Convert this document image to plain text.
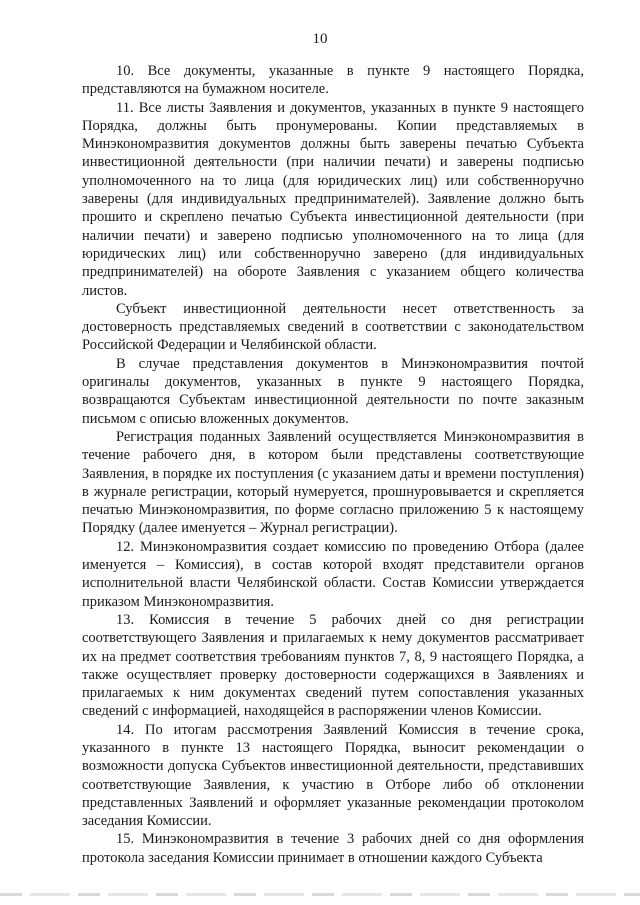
10

10. Все документы, указанные в пункте 9 настоящего Порядка, представляются на бумажном носителе.

11. Все листы Заявления и документов, указанных в пункте 9 настоящего Порядка, должны быть пронумерованы. Копии представляемых в Минэкономразвития документов должны быть заверены печатью Субъекта инвестиционной деятельности (при наличии печати) и заверены подписью уполномоченного на то лица (для юридических лиц) или собственноручно заверены (для индивидуальных предпринимателей). Заявление должно быть прошито и скреплено печатью Субъекта инвестиционной деятельности (при наличии печати) и заверено подписью уполномоченного на то лица (для юридических лиц) или собственноручно заверено (для индивидуальных предпринимателей) на обороте Заявления с указанием общего количества листов.

Субъект инвестиционной деятельности несет ответственность за достоверность представляемых сведений в соответствии с законодательством Российской Федерации и Челябинской области.

В случае представления документов в Минэкономразвития почтой оригиналы документов, указанных в пункте 9 настоящего Порядка, возвращаются Субъектам инвестиционной деятельности по почте заказным письмом с описью вложенных документов.

Регистрация поданных Заявлений осуществляется Минэкономразвития в течение рабочего дня, в котором были представлены соответствующие Заявления, в порядке их поступления (с указанием даты и времени поступления) в журнале регистрации, который нумеруется, прошнуровывается и скрепляется печатью Минэкономразвития, по форме согласно приложению 5 к настоящему Порядку (далее именуется – Журнал регистрации).

12. Минэкономразвития создает комиссию по проведению Отбора (далее именуется – Комиссия), в состав которой входят представители органов исполнительной власти Челябинской области. Состав Комиссии утверждается приказом Минэкономразвития.

13. Комиссия в течение 5 рабочих дней со дня регистрации соответствующего Заявления и прилагаемых к нему документов рассматривает их на предмет соответствия требованиям пунктов 7, 8, 9 настоящего Порядка, а также осуществляет проверку достоверности содержащихся в Заявлениях и прилагаемых к ним документах сведений путем сопоставления указанных сведений с информацией, находящейся в распоряжении членов Комиссии.

14. По итогам рассмотрения Заявлений Комиссия в течение срока, указанного в пункте 13 настоящего Порядка, выносит рекомендации о возможности допуска Субъектов инвестиционной деятельности, представивших соответствующие Заявления, к участию в Отборе либо об отклонении представленных Заявлений и оформляет указанные рекомендации протоколом заседания Комиссии.

15. Минэкономразвития в течение 3 рабочих дней со дня оформления протокола заседания Комиссии принимает в отношении каждого Субъекта
